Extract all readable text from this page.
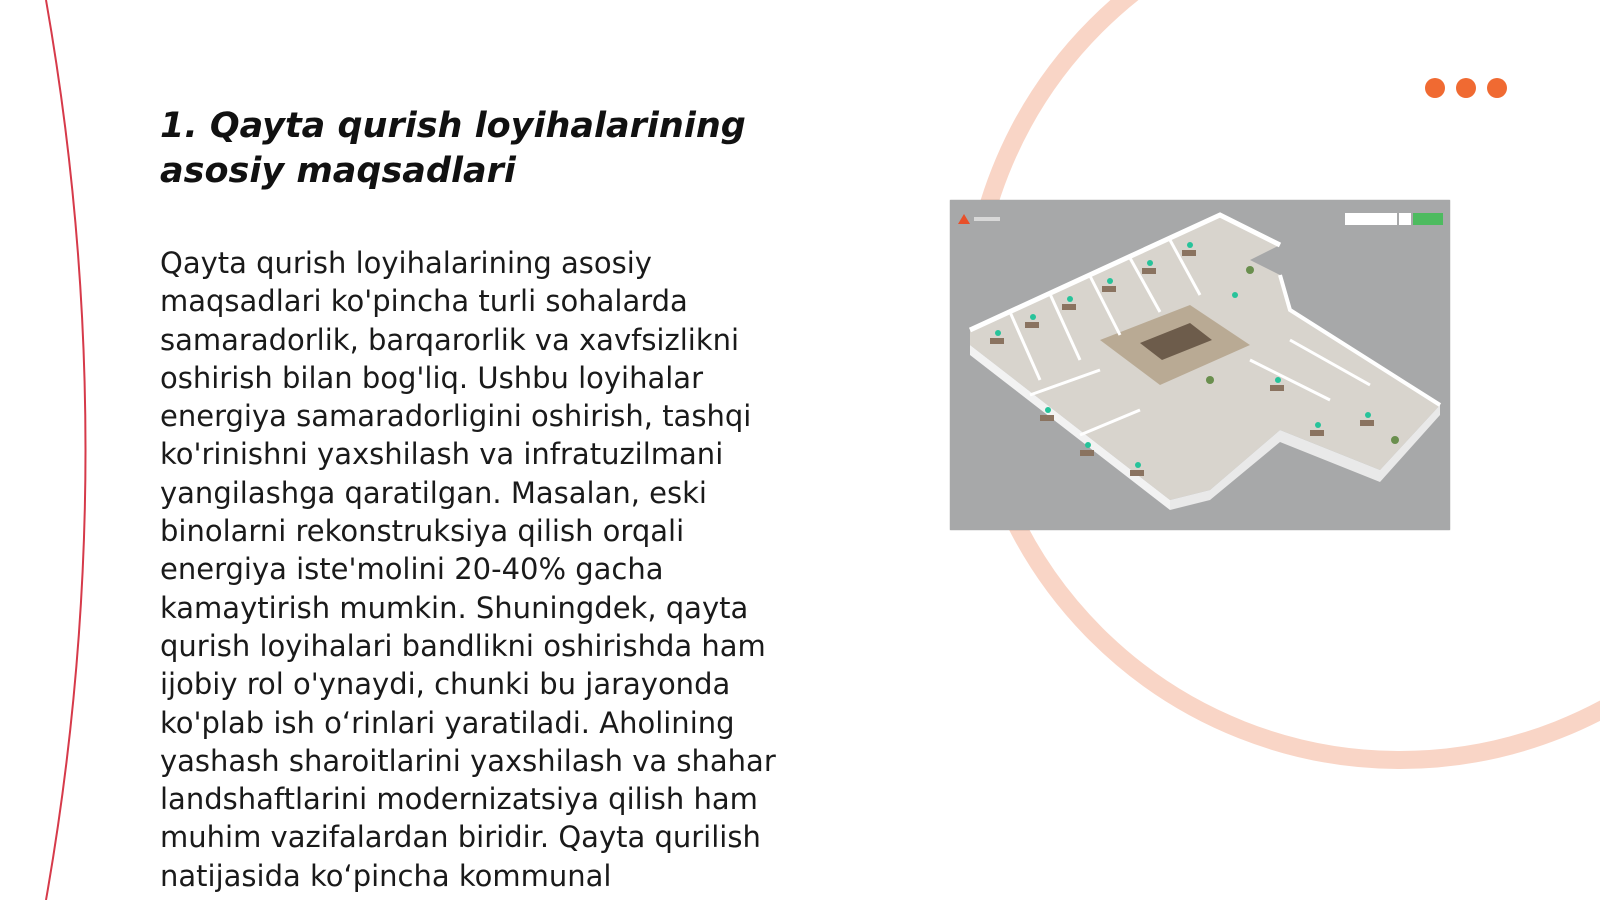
1. Qayta qurish loyihalarining asosiy maqsadlari

Qayta qurish loyihalarining asosiy maqsadlari ko'pincha turli sohalarda samaradorlik, barqarorlik va xavfsizlikni oshirish bilan bog'liq. Ushbu loyihalar energiya samaradorligini oshirish, tashqi ko'rinishni yaxshilash va infratuzilmani yangilashga qaratilgan. Masalan, eski binolarni rekonstruksiya qilish orqali energiya iste'molini 20-40% gacha kamaytirish mumkin. Shuningdek, qayta qurish loyihalari bandlikni oshirishda ham ijobiy rol o'ynaydi, chunki bu jarayonda ko'plab ish o‘rinlari yaratiladi. Aholining yashash sharoitlarini yaxshilash va shahar landshaftlarini modernizatsiya qilish ham muhim vazifalardan biridir. Qayta qurilish natijasida ko‘pincha kommunal
